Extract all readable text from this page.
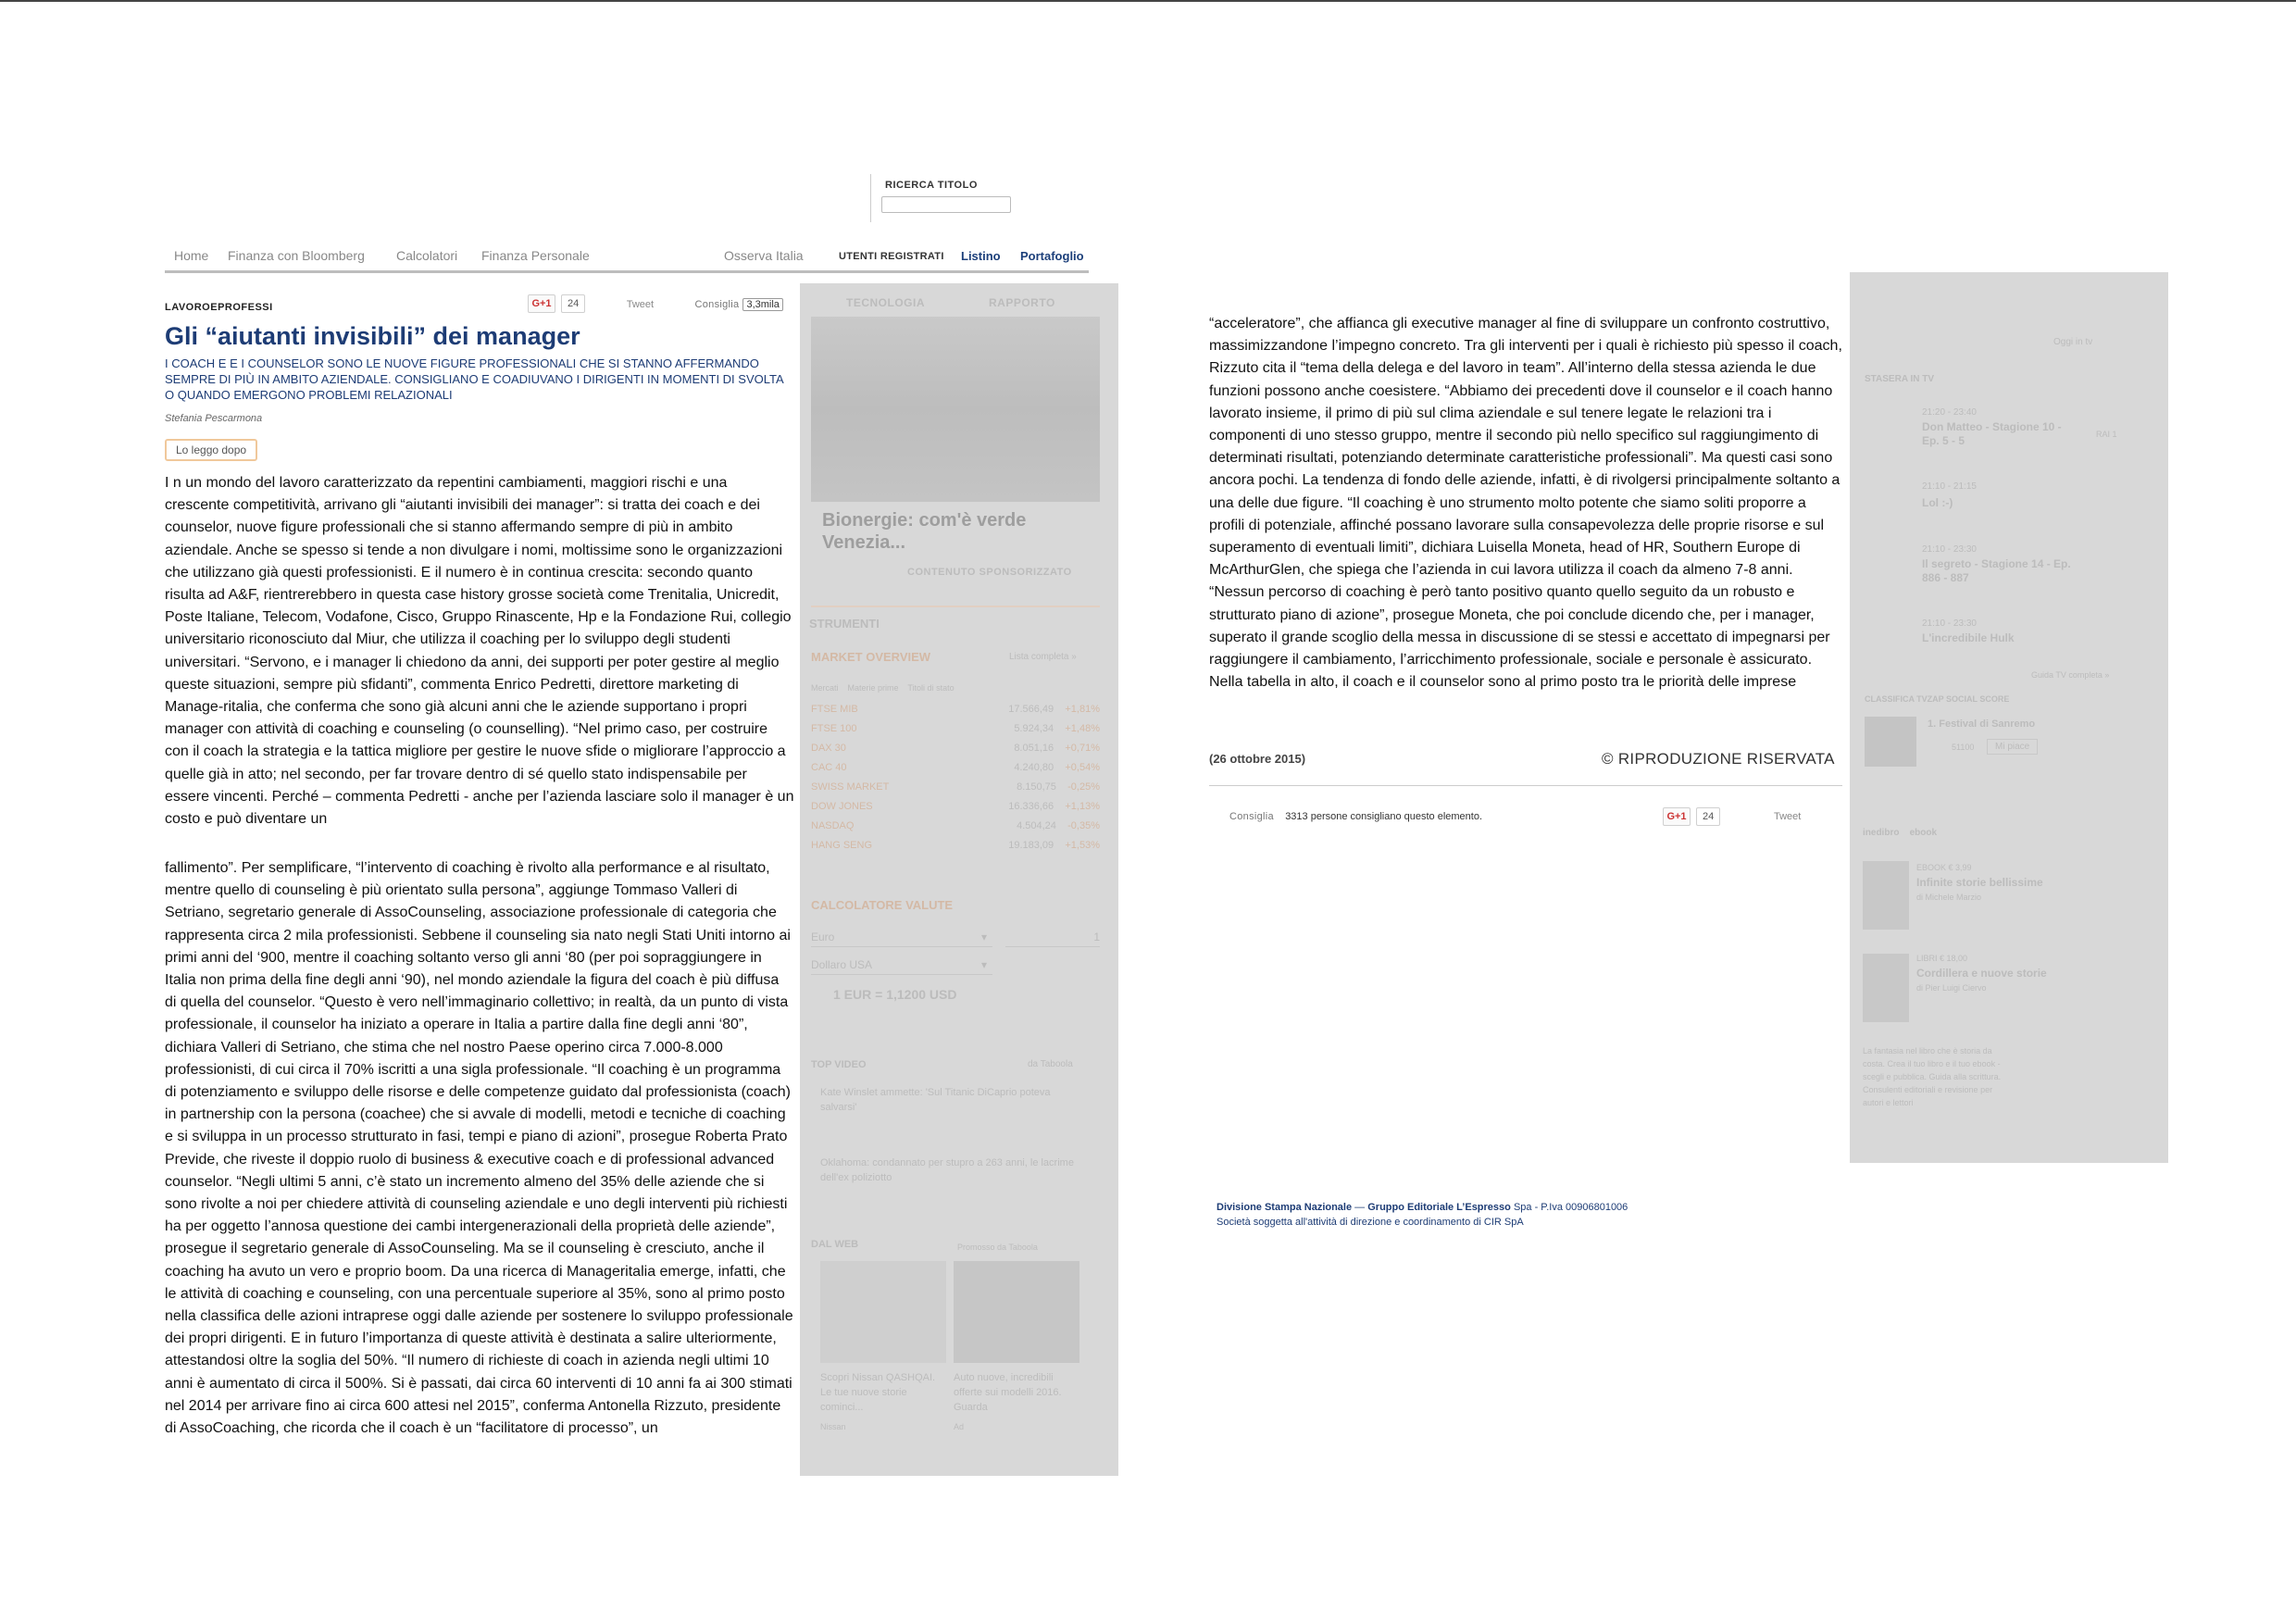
RICERCA TITOLO
Home Finanza con Bloomberg Calcolatori Finanza Personale	Osserva Italia	UTENTI REGISTRATI Listino Portafoglio
TECNOLOGIA	RAPPORTO
Bionergie: com'è verde Venezia...
CONTENUTO SPONSORIZZATO
STRUMENTI
MARKET OVERVIEW	Lista completa »
Mercati Materie prime Titoli di stato
FTSE MIB	17.566,49 +1,81%
FTSE 100	5.924,34 +1,48%
DAX 30	8.051,16 +0,71%
CAC 40	4.240,80 +0,54%
SWISS MARKET	8.150,75 -0,25%
DOW JONES	16.336,66 +1,13%
NASDAQ	4.504,24 -0,35%
HANG SENG	19.183,09 +1,53%
CALCOLATORE VALUTE
Euro	▾	1
Dollaro USA	▾
1 EUR = 1,1200 USD
TOP VIDEO	da Taboola
Kate Winslet ammette: 'Sul Titanic DiCaprio poteva salvarsi'
Oklahoma: condannato per stupro a 263 anni, le lacrime dell'ex poliziotto
DAL WEB	Promosso da Taboola
Scopri Nissan QASHQAI. Le tue nuove storie cominci...
Nissan
Auto nuove, incredibili offerte sui modelli 2016. Guarda
Ad
Oggi in tv
STASERA IN TV
21:20 - 23:40
Don Matteo - Stagione 10 - Ep. 5 - 5	RAI 1
21:10 - 21:15
Lol :-)
21:10 - 23:30
Il segreto - Stagione 14 - Ep. 886 - 887
21:10 - 23:30
L'incredibile Hulk
Guida TV completa »
CLASSIFICA TVZAP SOCIAL SCORE
1. Festival di Sanremo
51100	Mi piace
inedibro ebook
EBOOK € 3,99
Infinite storie bellissime
di Michele Marzio
LIBRI € 18,00
Cordillera e nuove storie
di Pier Luigi Ciervo
La fantasia nel libro che è storia da costa. Crea il tuo libro e il tuo ebook - scegli e pubblica. Guida alla scrittura. Consulenti editoriali e revisione per autori e lettori
LAVOROEPROFESSI	G+1 24	Tweet	Consiglia 3,3mila
Gli “aiutanti invisibili” dei manager
I COACH E E I COUNSELOR SONO LE NUOVE FIGURE PROFESSIONALI CHE SI STANNO AFFERMANDO SEMPRE DI PIÙ IN AMBITO AZIENDALE. CONSIGLIANO E COADIUVANO I DIRIGENTI IN MOMENTI DI SVOLTA O QUANDO EMERGONO PROBLEMI RELAZIONALI
Stefania Pescarmona
Lo leggo dopo
I n un mondo del lavoro caratterizzato da repentini cambiamenti, maggiori rischi e una crescente competitività, arrivano gli “aiutanti invisibili dei manager”: si tratta dei coach e dei counselor, nuove figure professionali che si stanno affermando sempre di più in ambito aziendale. Anche se spesso si tende a non divulgare i nomi, moltissime sono le organizzazioni che utilizzano già questi professionisti. E il numero è in continua crescita: secondo quanto risulta ad A&F, rientrerebbero in questa case history grosse società come Trenitalia, Unicredit, Poste Italiane, Telecom, Vodafone, Cisco, Gruppo Rinascente, Hp e la Fondazione Rui, collegio universitario riconosciuto dal Miur, che utilizza il coaching per lo sviluppo degli studenti universitari. “Servono, e i manager li chiedono da anni, dei supporti per poter gestire al meglio queste situazioni, sempre più sfidanti”, commenta Enrico Pedretti, direttore marketing di Manage-ritalia, che conferma che sono già alcuni anni che le aziende supportano i propri manager con attività di coaching e counseling (o counselling). “Nel primo caso, per costruire con il coach la strategia e la tattica migliore per gestire le nuove sfide o migliorare l’approccio a quelle già in atto; nel secondo, per far trovare dentro di sé quello stato indispensabile per essere vincenti. Perché – commenta Pedretti - anche per l’azienda lasciare solo il manager è un costo e può diventare un
fallimento”. Per semplificare, “l’intervento di coaching è rivolto alla performance e al risultato, mentre quello di counseling è più orientato sulla persona”, aggiunge Tommaso Valleri di Setriano, segretario generale di AssoCounseling, associazione professionale di categoria che rappresenta circa 2 mila professionisti. Sebbene il counseling sia nato negli Stati Uniti intorno ai primi anni del ‘900, mentre il coaching soltanto verso gli anni ‘80 (per poi sopraggiungere in Italia non prima della fine degli anni ‘90), nel mondo aziendale la figura del coach è più diffusa di quella del counselor. “Questo è vero nell’immaginario collettivo; in realtà, da un punto di vista professionale, il counselor ha iniziato a operare in Italia a partire dalla fine degli anni ‘80”, dichiara Valleri di Setriano, che stima che nel nostro Paese operino circa 7.000-8.000 professionisti, di cui circa il 70% iscritti a una sigla professionale. “Il coaching è un programma di potenziamento e sviluppo delle risorse e delle competenze guidato dal professionista (coach) in partnership con la persona (coachee) che si avvale di modelli, metodi e tecniche di coaching e si sviluppa in un processo strutturato in fasi, tempi e piano di azioni”, prosegue Roberta Prato Previde, che riveste il doppio ruolo di business & executive coach e di professional advanced counselor. “Negli ultimi 5 anni, c’è stato un incremento almeno del 35% delle aziende che si sono rivolte a noi per chiedere attività di counseling aziendale e uno degli interventi più richiesti ha per oggetto l’annosa questione dei cambi intergenerazionali della proprietà delle aziende”, prosegue il segretario generale di AssoCounseling. Ma se il counseling è cresciuto, anche il coaching ha avuto un vero e proprio boom. Da una ricerca di Manageritalia emerge, infatti, che le attività di coaching e counseling, con una percentuale superiore al 35%, sono al primo posto nella classifica delle azioni intraprese oggi dalle aziende per sostenere lo sviluppo professionale dei propri dirigenti. E in futuro l’importanza di queste attività è destinata a salire ulteriormente, attestandosi oltre la soglia del 50%. “Il numero di richieste di coach in azienda negli ultimi 10 anni è aumentato di circa il 500%. Si è passati, dai circa 60 interventi di 10 anni fa ai 300 stimati nel 2014 per arrivare fino ai circa 600 attesi nel 2015”, conferma Antonella Rizzuto, presidente di AssoCoaching, che ricorda che il coach è un “facilitatore di processo”, un
“acceleratore”, che affianca gli executive manager al fine di sviluppare un confronto costruttivo, massimizzandone l’impegno concreto. Tra gli interventi per i quali è richiesto più spesso il coach, Rizzuto cita il “tema della delega e del lavoro in team”. All’interno della stessa azienda le due funzioni possono anche coesistere. “Abbiamo dei precedenti dove il counselor e il coach hanno lavorato insieme, il primo di più sul clima aziendale e sul tenere legate le relazioni tra i componenti di uno stesso gruppo, mentre il secondo più nello specifico sul raggiungimento di determinati risultati, potenziando determinate caratteristiche professionali”. Ma questi casi sono ancora pochi. La tendenza di fondo delle aziende, infatti, è di rivolgersi principalmente soltanto a una delle due figure. “Il coaching è uno strumento molto potente che siamo soliti proporre a profili di potenziale, affinché possano lavorare sulla consapevolezza delle proprie risorse e sul superamento di eventuali limiti”, dichiara Luisella Moneta, head of HR, Southern Europe di McArthurGlen, che spiega che l’azienda in cui lavora utilizza il coach da almeno 7-8 anni. “Nessun percorso di coaching è però tanto positivo quanto quello seguito da un robusto e strutturato piano di azione”, prosegue Moneta, che poi conclude dicendo che, per i manager, superato il grande scoglio della messa in discussione di se stessi e accettato di impegnarsi per raggiungere il cambiamento, l’arricchimento professionale, sociale e personale è assicurato. Nella tabella in alto, il coach e il counselor sono al primo posto tra le priorità delle imprese
(26 ottobre 2015)	© RIPRODUZIONE RISERVATA
Consiglia 3313 persone consigliano questo elemento.	G+1 24	Tweet
Divisione Stampa Nazionale — Gruppo Editoriale L’Espresso Spa - P.Iva 00906801006
Società soggetta all'attività di direzione e coordinamento di CIR SpA
